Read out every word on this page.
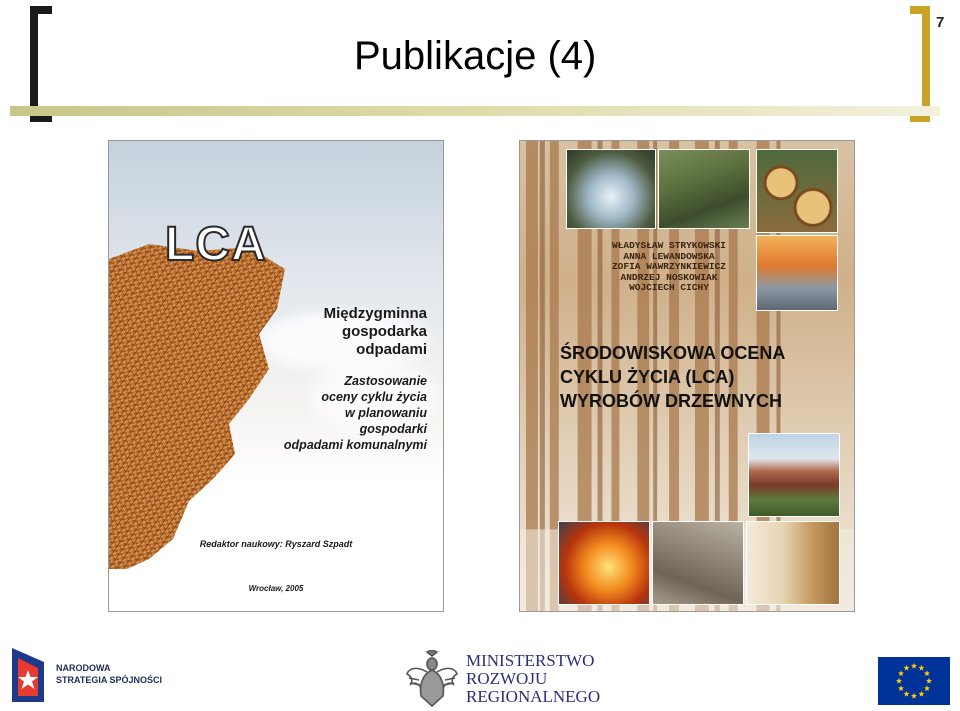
Publikacje (4)
7
LCA
Międzygminna
gospodarka
odpadami
Zastosowanie
oceny cyklu życia
w planowaniu
gospodarki
odpadami komunalnymi
Redaktor naukowy: Ryszard Szpadt
Wrocław, 2005
WŁADYSŁAW STRYKOWSKI
ANNA LEWANDOWSKA
ZOFIA WAWRZYNKIEWICZ
ANDRZEJ NOSKOWIAK
WOJCIECH CICHY
ŚRODOWISKOWA OCENA
CYKLU ŻYCIA (LCA)
WYROBÓW DRZEWNYCH
NARODOWA
STRATEGIA SPÓJNOŚCI
MINISTERSTWO
ROZWOJU
REGIONALNEGO
